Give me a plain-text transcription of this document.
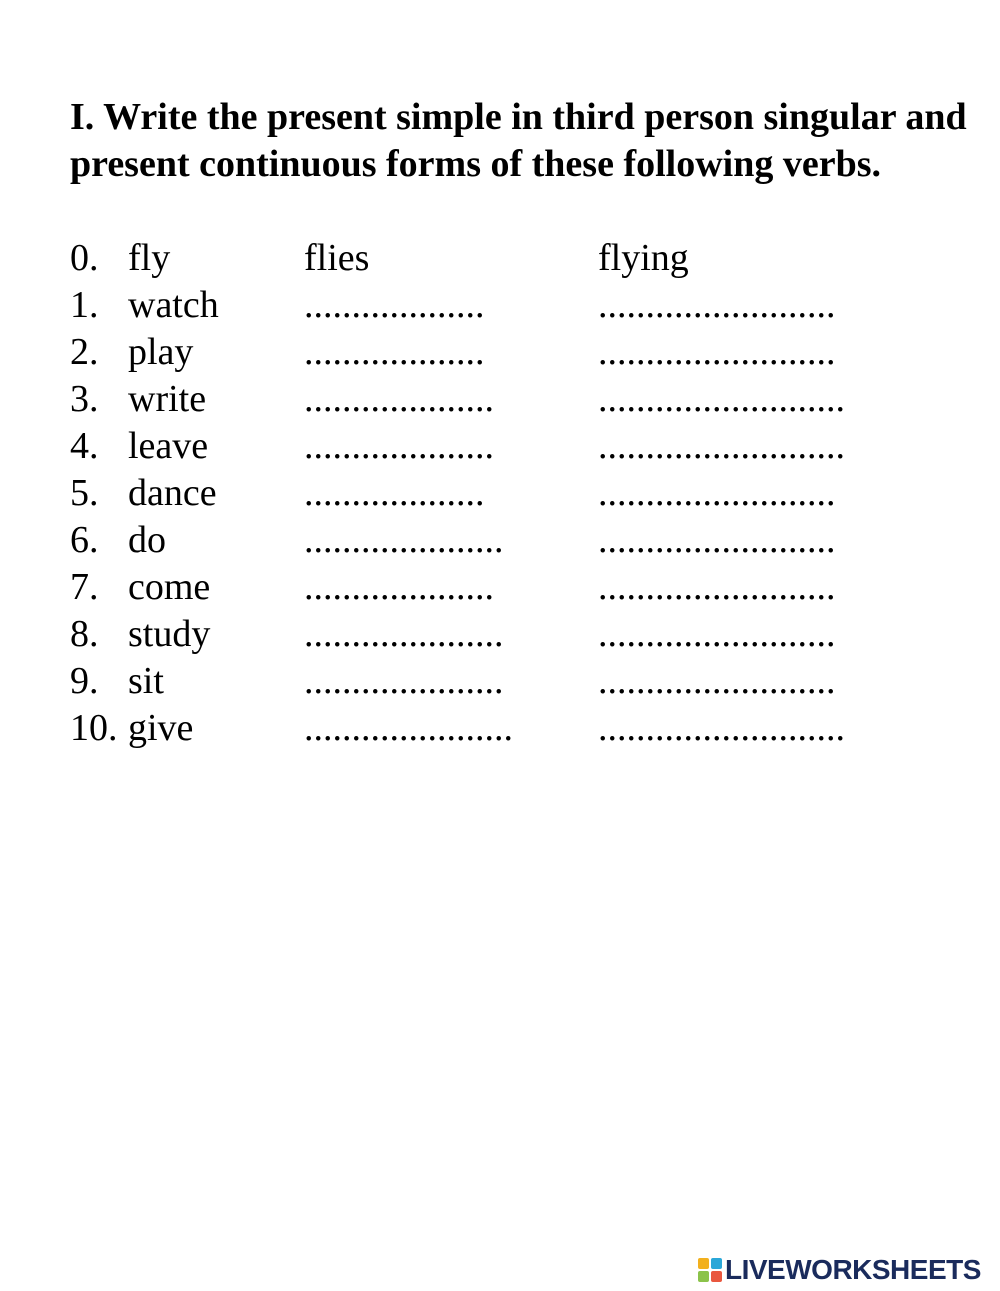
I. Write the present simple in third person singular and present continuous forms of these following verbs.

0. fly	flies	flying
1. watch ...................	.........................
2. play	...................	.........................
3. write	....................	..........................
4. leave	....................	..........................
5. dance ...................	.........................
6. do	..................... .........................
7. come ....................	.........................
8. study ..................... .........................
9. sit	..................... .........................
10. give	...................... ..........................
LIVEWORKSHEETS
